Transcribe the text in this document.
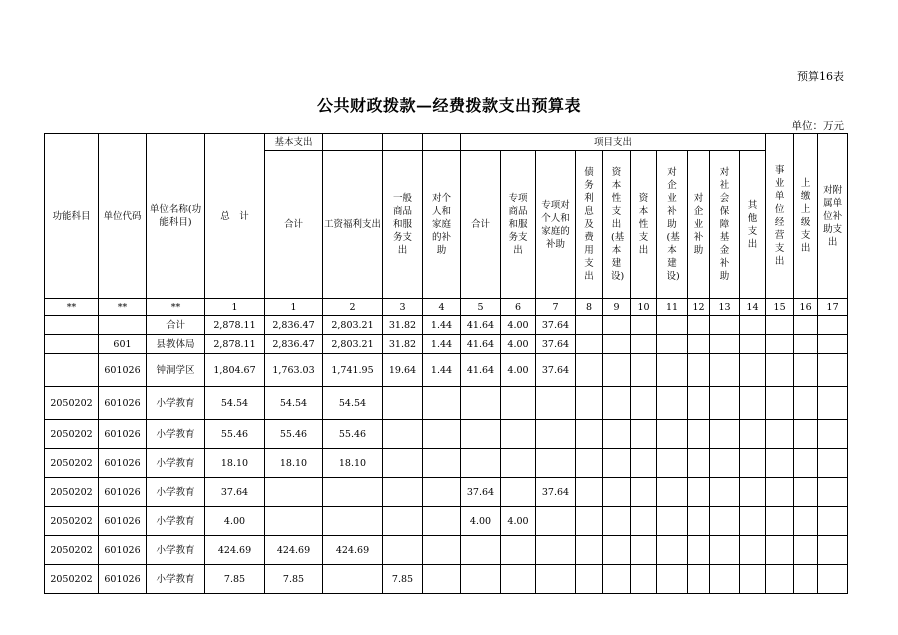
预算16表
公共财政拨款—经费拨款支出预算表
单位：万元
功能科目	单位代码	单位名称(功能科目)	总　计	基本支出				项目支出										事业单位经营支出	上缴上级支出	对附属单位补助支出

				合计	工资福利支出	一般商品和服务支出	对个人和家庭的补助	合计	专项商品和服务支出	专项对个人和家庭的补助	债务利息及费用支出	资本性支出(基本建设)	资本性支出	对企业补助(基本建设)	对企业补助	对社会保障基金补助	其他支出			

**	**	**	1	1	2	3	4	5	6	7	8	9	10	11	12	13	14	15	16	17
		合计	2,878.11	2,836.47	2,803.21	31.82	1.44	41.64	4.00	37.64										
	601	县教体局	2,878.11	2,836.47	2,803.21	31.82	1.44	41.64	4.00	37.64										
	601026	钟洞学区	1,804.67	1,763.03	1,741.95	19.64	1.44	41.64	4.00	37.64										
2050202	601026	小学教育	54.54	54.54	54.54															
2050202	601026	小学教育	55.46	55.46	55.46															
2050202	601026	小学教育	18.10	18.10	18.10															
2050202	601026	小学教育	37.64					37.64		37.64										
2050202	601026	小学教育	4.00					4.00	4.00											
2050202	601026	小学教育	424.69	424.69	424.69															
2050202	601026	小学教育	7.85	7.85		7.85														
